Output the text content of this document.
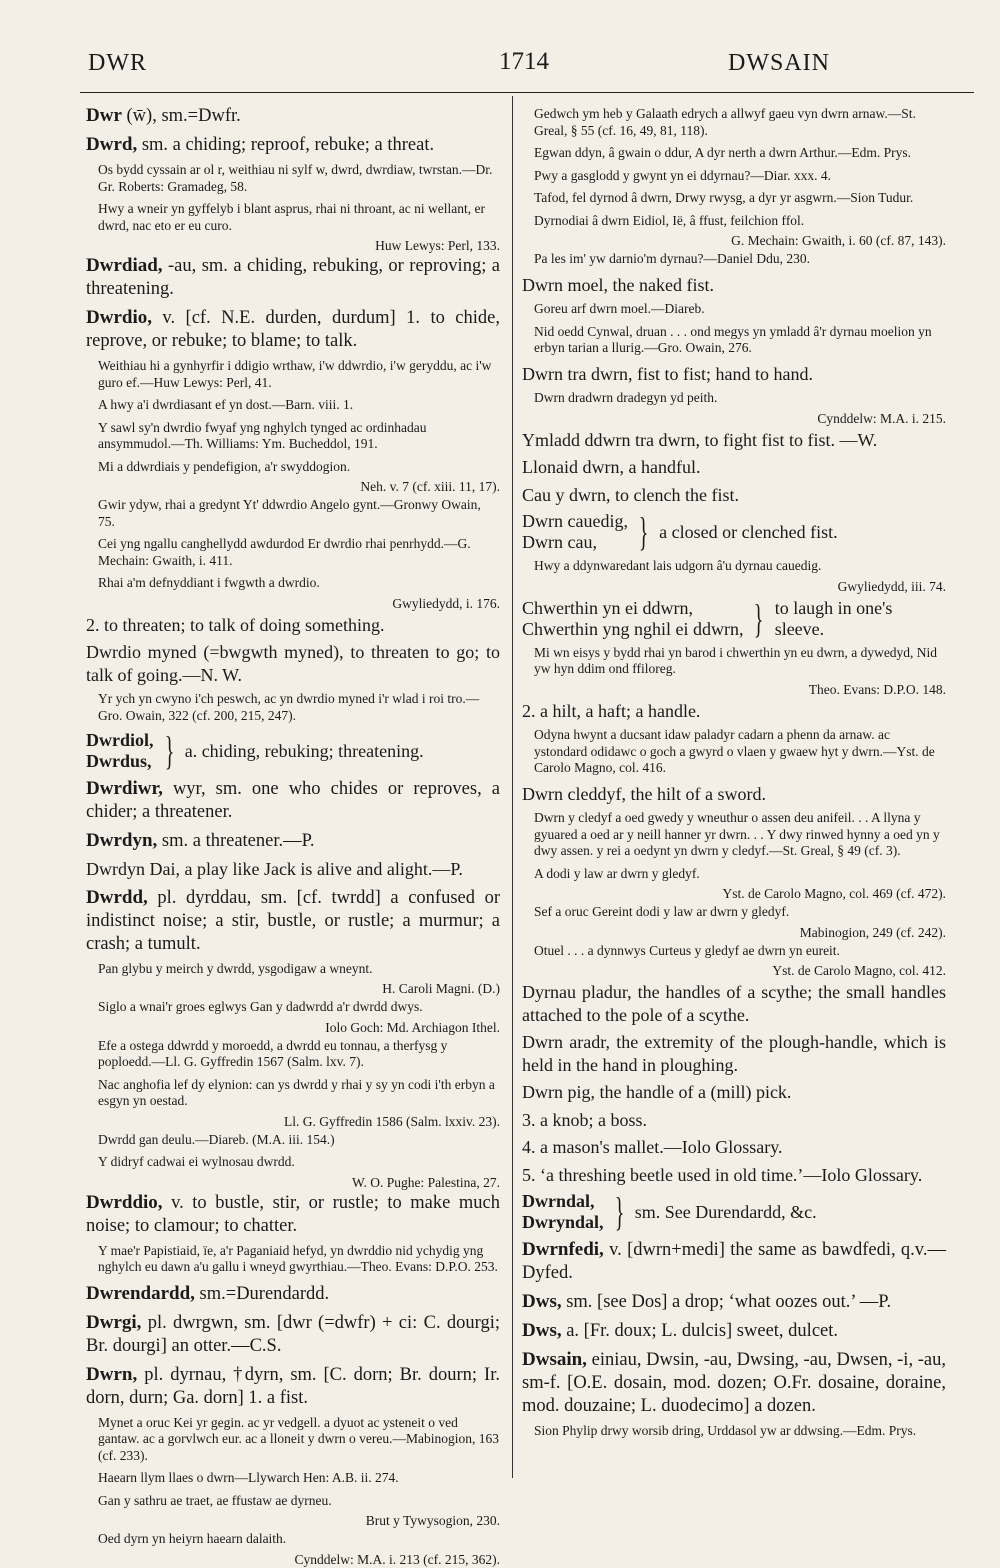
DWR	1714	DWSAIN
Dwr (w̄), sm.=Dwfr.
Dwrd, sm. a chiding; reproof, rebuke; a threat.
Os bydd cyssain ar ol r, weithiau ni sylf w, dwrd, dwrdiaw, twrstan.—Dr. Gr. Roberts: Gramadeg, 58.
Hwy a wneir yn gyffelyb i blant asprus, rhai ni throant, ac ni wellant, er dwrd, nac eto er eu curo.
Huw Lewys: Perl, 133.
Dwrdiad, -au, sm. a chiding, rebuking, or reproving; a threatening.
Dwrdio, v. [cf. N.E. durden, durdum] 1. to chide, reprove, or rebuke; to blame; to talk.
Weithiau hi a gynhyrfir i ddigio wrthaw, i'w ddwrdio, i'w geryddu, ac i'w guro ef.—Huw Lewys: Perl, 41.
A hwy a'i dwrdiasant ef yn dost.—Barn. viii. 1.
Y sawl sy'n dwrdio fwyaf yng nghylch tynged ac ordinhadau ansymmudol.—Th. Williams: Ym. Bucheddol, 191.
Mi a ddwrdiais y pendefigion, a'r swyddogion.
Neh. v. 7 (cf. xiii. 11, 17).
Gwir ydyw, rhai a gredynt Yt' ddwrdio Angelo gynt.—Gronwy Owain, 75.
Cei yng ngallu canghellydd awdurdod Er dwrdio rhai penrhydd.—G. Mechain: Gwaith, i. 411.
Rhai a'm defnyddiant i fwgwth a dwrdio.
Gwyliedydd, i. 176.
2. to threaten; to talk of doing something.
Dwrdio myned (=bwgwth myned), to threaten to go; to talk of going.—N. W.
Yr ych yn cwyno i'ch peswch, ac yn dwrdio myned i'r wlad i roi tro.—Gro. Owain, 322 (cf. 200, 215, 247).
Dwrdiol,
Dwrdus, } a. chiding, rebuking; threatening.
Dwrdiwr, wyr, sm. one who chides or reproves, a chider; a threatener.
Dwrdyn, sm. a threatener.—P.
Dwrdyn Dai, a play like Jack is alive and alight.—P.
Dwrdd, pl. dyrddau, sm. [cf. twrdd] a confused or indistinct noise; a stir, bustle, or rustle; a murmur; a crash; a tumult.
Pan glybu y meirch y dwrdd, ysgodigaw a wneynt.
H. Caroli Magni. (D.)
Siglo a wnai'r groes eglwys Gan y dadwrdd a'r dwrdd dwys.
Iolo Goch: Md. Archiagon Ithel.
Efe a ostega ddwrdd y moroedd, a dwrdd eu tonnau, a therfysg y poploedd.—Ll. G. Gyffredin 1567 (Salm. lxv. 7).
Nac anghofia lef dy elynion: can ys dwrdd y rhai y sy yn codi i'th erbyn a esgyn yn oestad.
Ll. G. Gyffredin 1586 (Salm. lxxiv. 23).
Dwrdd gan deulu.—Diareb. (M.A. iii. 154.)
Y didryf cadwai ei wylnosau dwrdd.
W. O. Pughe: Palestina, 27.
Dwrddio, v. to bustle, stir, or rustle; to make much noise; to clamour; to chatter.
Y mae'r Papistiaid, ïe, a'r Paganiaid hefyd, yn dwrddio nid ychydig yng nghylch eu dawn a'u gallu i wneyd gwyrthiau.—Theo. Evans: D.P.O. 253.
Dwrendardd, sm.=Durendardd.
Dwrgi, pl. dwrgwn, sm. [dwr (=dwfr) + ci: C. dourgi; Br. dourgi] an otter.—C.S.
Dwrn, pl. dyrnau, †dyrn, sm. [C. dorn; Br. dourn; Ir. dorn, durn; Ga. dorn] 1. a fist.
Mynet a oruc Kei yr gegin. ac yr vedgell. a dyuot ac ysteneit o ved gantaw. ac a gorvlwch eur. ac a lloneit y dwrn o vereu.—Mabinogion, 163 (cf. 233).
Haearn llym llaes o dwrn—Llywarch Hen: A.B. ii. 274.
Gan y sathru ae traet, ae ffustaw ae dyrneu.
Brut y Tywysogion, 230.
Oed dyrn yn heiyrn haearn dalaith.
Cynddelw: M.A. i. 213 (cf. 215, 362).
Gedwch ym heb y Galaath edrych a allwyf gaeu vyn dwrn arnaw.—St. Greal, § 55 (cf. 16, 49, 81, 118).
Egwan ddyn, â gwain o ddur, A dyr nerth a dwrn Arthur.—Edm. Prys.
Pwy a gasglodd y gwynt yn ei ddyrnau?—Diar. xxx. 4.
Tafod, fel dyrnod â dwrn, Drwy rwysg, a dyr yr asgwrn.—Sion Tudur.
Dyrnodiai â dwrn Eidiol, Ië, â ffust, feilchion ffol.
G. Mechain: Gwaith, i. 60 (cf. 87, 143).
Pa les im' yw darnio'm dyrnau?—Daniel Ddu, 230.
Dwrn moel, the naked fist.
Goreu arf dwrn moel.—Diareb.
Nid oedd Cynwal, druan . . . ond megys yn ymladd â'r dyrnau moelion yn erbyn tarian a llurig.—Gro. Owain, 276.
Dwrn tra dwrn, fist to fist; hand to hand.
Dwrn dradwrn dradegyn yd peith.
Cynddelw: M.A. i. 215.
Ymladd ddwrn tra dwrn, to fight fist to fist. —W.
Llonaid dwrn, a handful.
Cau y dwrn, to clench the fist.
Dwrn cauedig,
Dwrn cau,	} a closed or clenched fist.
Hwy a ddynwaredant lais udgorn â'u dyrnau cauedig.
Gwyliedydd, iii. 74.
Chwerthin yn ei ddwrn,
Chwerthin yng nghil ei ddwrn, } to laugh in one's sleeve.
Mi wn eisys y bydd rhai yn barod i chwerthin yn eu dwrn, a dywedyd, Nid yw hyn ddim ond ffiloreg.
Theo. Evans: D.P.O. 148.
2. a hilt, a haft; a handle.
Odyna hwynt a ducsant idaw paladyr cadarn a phenn da arnaw. ac ystondard odidawc o goch a gwyrd o vlaen y gwaew hyt y dwrn.—Yst. de Carolo Magno, col. 416.
Dwrn cleddyf, the hilt of a sword.
Dwrn y cledyf a oed gwedy y wneuthur o assen deu anifeil. . . A llyna y gyuared a oed ar y neill hanner yr dwrn. . . Y dwy rinwed hynny a oed yn y dwy assen. y rei a oedynt yn dwrn y cledyf.—St. Greal, § 49 (cf. 3).
A dodi y law ar dwrn y gledyf.
Yst. de Carolo Magno, col. 469 (cf. 472).
Sef a oruc Gereint dodi y law ar dwrn y gledyf.
Mabinogion, 249 (cf. 242).
Otuel . . . a dynnwys Curteus y gledyf ae dwrn yn eureit.
Yst. de Carolo Magno, col. 412.
Dyrnau pladur, the handles of a scythe; the small handles attached to the pole of a scythe.
Dwrn aradr, the extremity of the plough-handle, which is held in the hand in ploughing.
Dwrn pig, the handle of a (mill) pick.
3. a knob; a boss.
4. a mason's mallet.—Iolo Glossary.
5. ‘a threshing beetle used in old time.’—Iolo Glossary.
Dwrndal,
Dwryndal, } sm. See Durendardd, &c.
Dwrnfedi, v. [dwrn+medi] the same as bawdfedi, q.v.—Dyfed.
Dws, sm. [see Dos] a drop; ‘what oozes out.’ —P.
Dws, a. [Fr. doux; L. dulcis] sweet, dulcet.
Dwsain, einiau, Dwsin, -au, Dwsing, -au, Dwsen, -i, -au, sm-f. [O.E. dosain, mod. dozen; O.Fr. dosaine, doraine, mod. douzaine; L. duodecimo] a dozen.
Sion Phylip drwy worsib dring, Urddasol yw ar ddwsing.—Edm. Prys.
